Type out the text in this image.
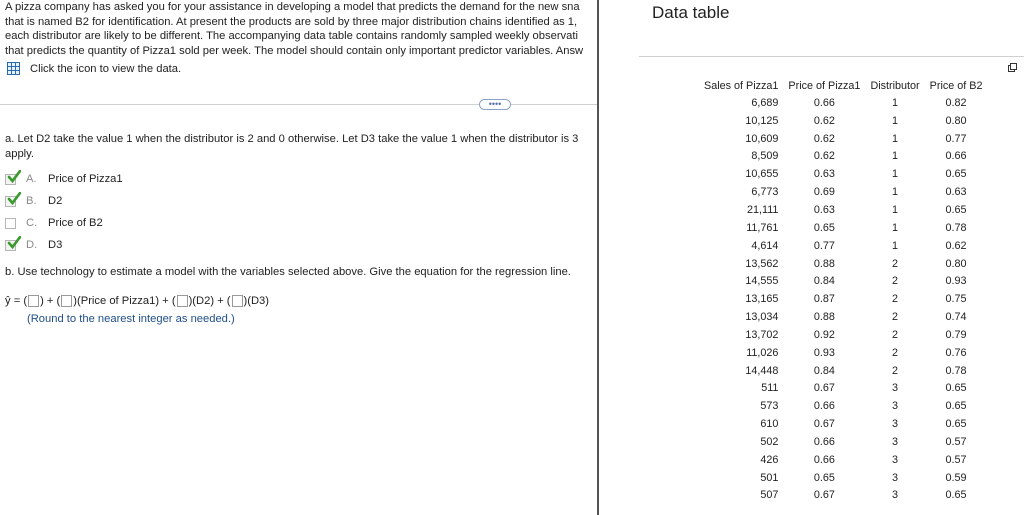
A pizza company has asked you for your assistance in developing a model that predicts the demand for the new sna
that is named B2 for identification. At present the products are sold by three major distribution chains identified as 1,
each distributor are likely to be different. The accompanying data table contains randomly sampled weekly observati
that predicts the quantity of Pizza1 sold per week. The model should contain only important predictor variables. Answ
Click the icon to view the data.
••••
a. Let D2 take the value 1 when the distributor is 2 and 0 otherwise. Let D3 take the value 1 when the distributor is 3
apply.
A.	Price of Pizza1
B.	D2
C. Price of B2
D. D3
b. Use technology to estimate a model with the variables selected above. Give the equation for the regression line.
ŷ = ( ) + ( )(Price of Pizza1) + ( )(D2) + ( )(D3)
(Round to the nearest integer as needed.)
Data table
Sales of Pizza1	Price of Pizza1	Distributor	Price of B2
6,689	0.66	1	0.82
10,125	0.62	1	0.80
10,609	0.62	1	0.77
8,509	0.62	1	0.66
10,655	0.63	1	0.65
6,773	0.69	1	0.63
21,111	0.63	1	0.65
11,761	0.65	1	0.78
4,614	0.77	1	0.62
13,562	0.88	2	0.80
14,555	0.84	2	0.93
13,165	0.87	2	0.75
13,034	0.88	2	0.74
13,702	0.92	2	0.79
11,026	0.93	2	0.76
14,448	0.84	2	0.78
511	0.67	3	0.65
573	0.66	3	0.65
610	0.67	3	0.65
502	0.66	3	0.57
426	0.66	3	0.57
501	0.65	3	0.59
507	0.67	3	0.65
